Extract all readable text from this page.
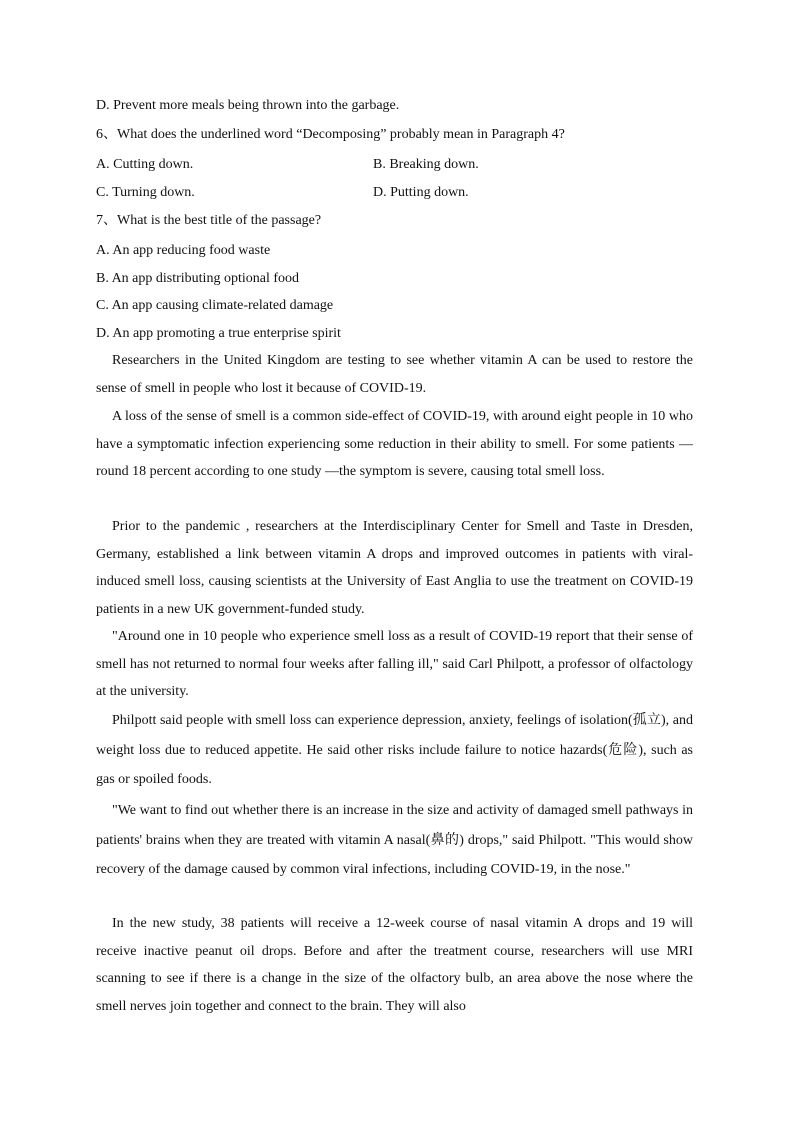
D. Prevent more meals being thrown into the garbage.
6、What does the underlined word “Decomposing” probably mean in Paragraph 4?
A. Cutting down.	B. Breaking down.
C. Turning down.	D. Putting down.
7、What is the best title of the passage?
A. An app reducing food waste
B. An app distributing optional food
C. An app causing climate-related damage
D. An app promoting a true enterprise spirit
Researchers in the United Kingdom are testing to see whether vitamin A can be used to restore the sense of smell in people who lost it because of COVID-19.
A loss of the sense of smell is a common side-effect of COVID-19, with around eight people in 10 who have a symptomatic infection experiencing some reduction in their ability to smell. For some patients —round 18 percent according to one study —the symptom is severe, causing total smell loss.
Prior to the pandemic , researchers at the Interdisciplinary Center for Smell and Taste in Dresden, Germany, established a link between vitamin A drops and improved outcomes in patients with viral-induced smell loss, causing scientists at the University of East Anglia to use the treatment on COVID-19 patients in a new UK government-funded study.
"Around one in 10 people who experience smell loss as a result of COVID-19 report that their sense of smell has not returned to normal four weeks after falling ill," said Carl Philpott, a professor of olfactology at the university.
Philpott said people with smell loss can experience depression, anxiety, feelings of isolation(孤立), and weight loss due to reduced appetite. He said other risks include failure to notice hazards(危险), such as gas or spoiled foods.
"We want to find out whether there is an increase in the size and activity of damaged smell pathways in patients' brains when they are treated with vitamin A nasal(鼻的) drops," said Philpott. "This would show recovery of the damage caused by common viral infections, including COVID-19, in the nose."
In the new study, 38 patients will receive a 12-week course of nasal vitamin A drops and 19 will receive inactive peanut oil drops. Before and after the treatment course, researchers will use MRI scanning to see if there is a change in the size of the olfactory bulb, an area above the nose where the smell nerves join together and connect to the brain. They will also
